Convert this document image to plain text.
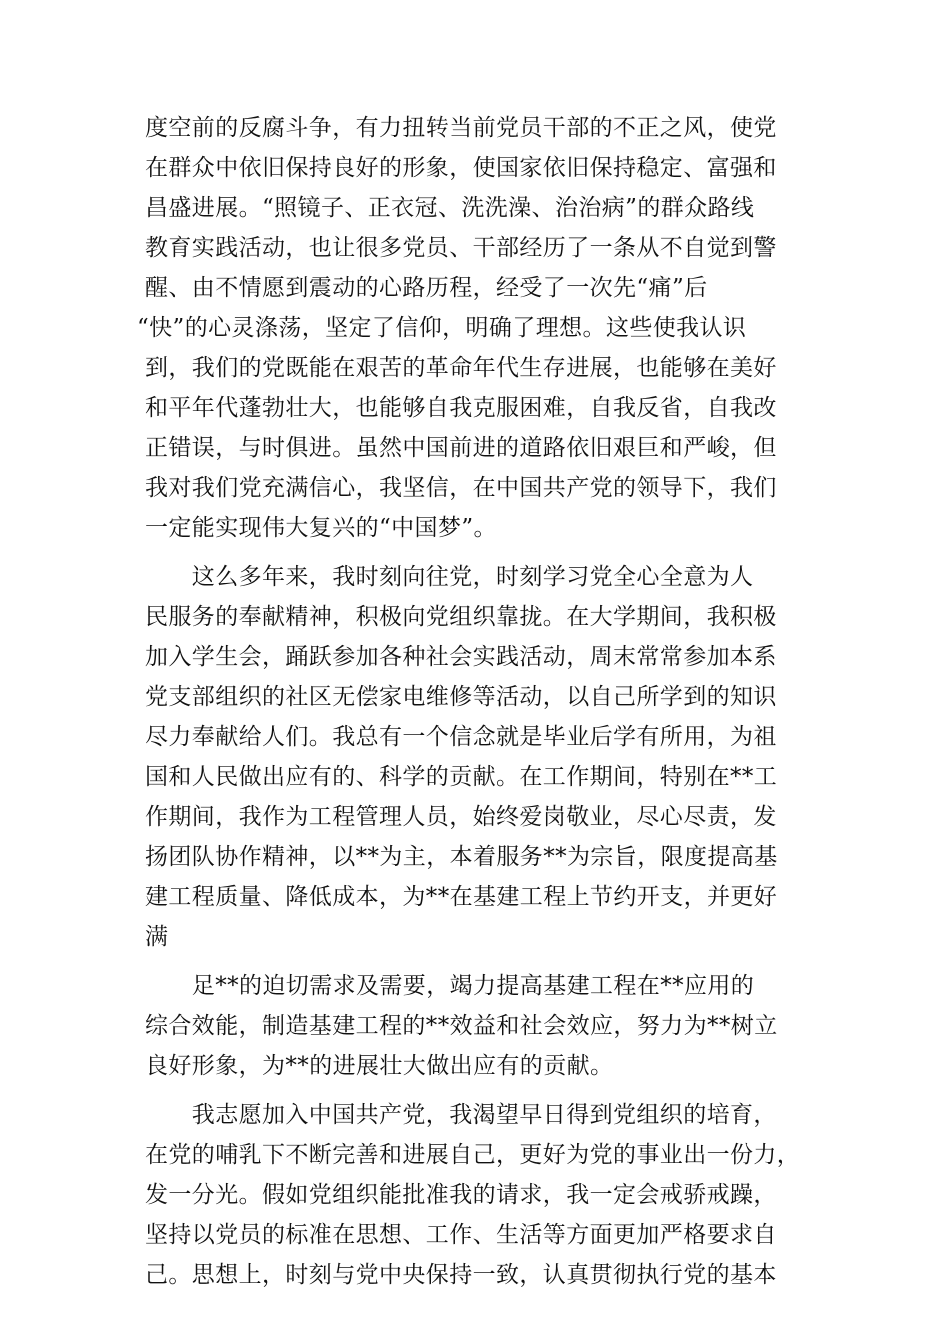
度空前的反腐斗争，有力扭转当前党员干部的不正之风，使党
在群众中依旧保持良好的形象，使国家依旧保持稳定、富强和
昌盛进展。“照镜子、正衣冠、洗洗澡、治治病”的群众路线
教育实践活动，也让很多党员、干部经历了一条从不自觉到警
醒、由不情愿到震动的心路历程，经受了一次先“痛”后
“快”的心灵涤荡，坚定了信仰，明确了理想。这些使我认识
到，我们的党既能在艰苦的革命年代生存进展，也能够在美好
和平年代蓬勃壮大，也能够自我克服困难，自我反省，自我改
正错误，与时俱进。虽然中国前进的道路依旧艰巨和严峻，但
我对我们党充满信心，我坚信，在中国共产党的领导下，我们
一定能实现伟大复兴的“中国梦”。
　　这么多年来，我时刻向往党，时刻学习党全心全意为人
民服务的奉献精神，积极向党组织靠拢。在大学期间，我积极
加入学生会，踊跃参加各种社会实践活动，周末常常参加本系
党支部组织的社区无偿家电维修等活动，以自己所学到的知识
尽力奉献给人们。我总有一个信念就是毕业后学有所用，为祖
国和人民做出应有的、科学的贡献。在工作期间，特别在**工
作期间，我作为工程管理人员，始终爱岗敬业，尽心尽责，发
扬团队协作精神，以**为主，本着服务**为宗旨，限度提高基
建工程质量、降低成本，为**在基建工程上节约开支，并更好
满
　　足**的迫切需求及需要，竭力提高基建工程在**应用的
综合效能，制造基建工程的**效益和社会效应，努力为**树立
良好形象，为**的进展壮大做出应有的贡献。
　　我志愿加入中国共产党，我渴望早日得到党组织的培育，
在党的哺乳下不断完善和进展自己，更好为党的事业出一份力，
发一分光。假如党组织能批准我的请求，我一定会戒骄戒躁，
坚持以党员的标准在思想、工作、生活等方面更加严格要求自
己。思想上，时刻与党中央保持一致，认真贯彻执行党的基本
